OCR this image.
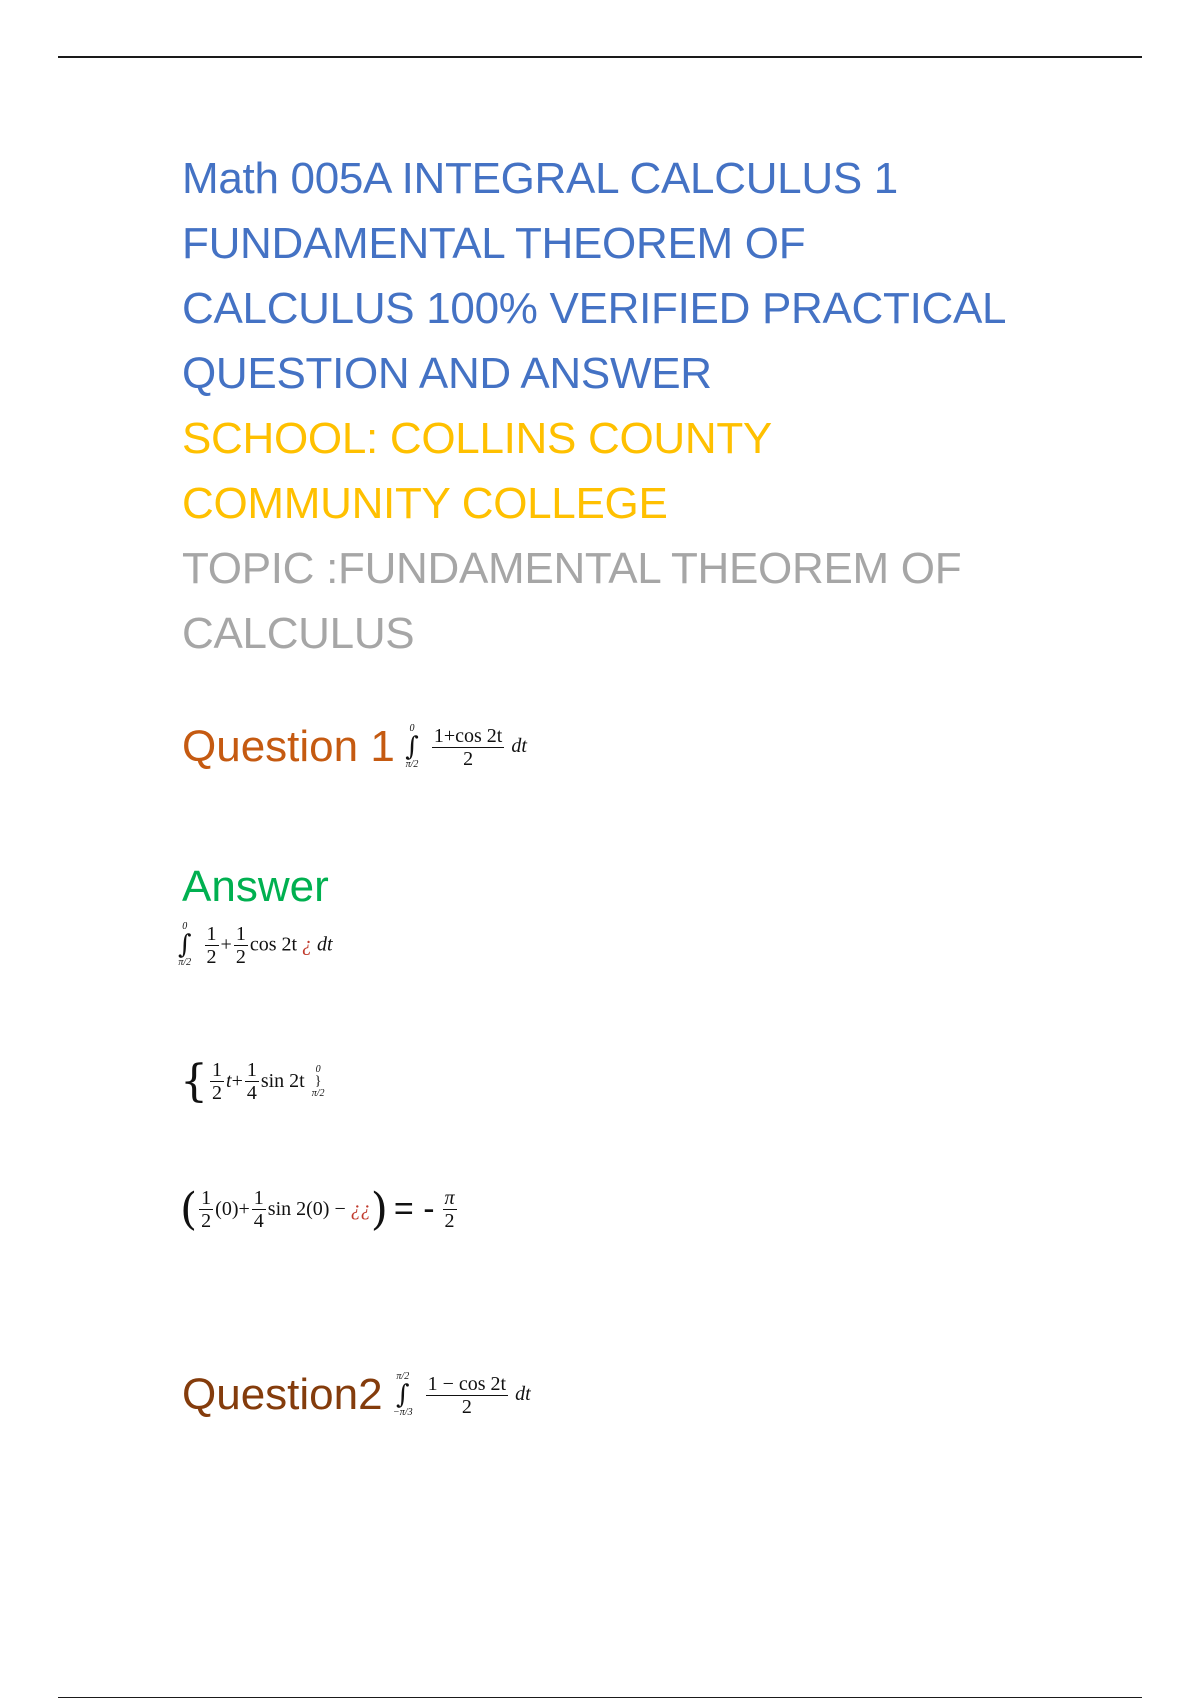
Math 005A INTEGRAL CALCULUS 1
FUNDAMENTAL THEOREM OF
CALCULUS 100% VERIFIED PRACTICAL
QUESTION AND ANSWER
SCHOOL: COLLINS COUNTY
COMMUNITY COLLEGE
TOPIC :FUNDAMENTAL THEOREM OF
CALCULUS
Question 1 0
∫
π/2
$\frac{1+\cos 2t}{2}$ dt
Answer
0
∫
π/2
$\frac{1}{2} + \frac{1}{2}$ cos 2t ¿ dt
{ $\frac{1}{2} t+ \frac{1}{4}$ sin 2t
0
}
π/2
( $\frac{1}{2} (0)+ \frac{1}{4}$ sin 2(0) − ¿¿) = - $\frac{\pi}{2}$
Question2 π/2
∫
−π/3
$\frac{1 - \cos 2t}{2}$ dt
